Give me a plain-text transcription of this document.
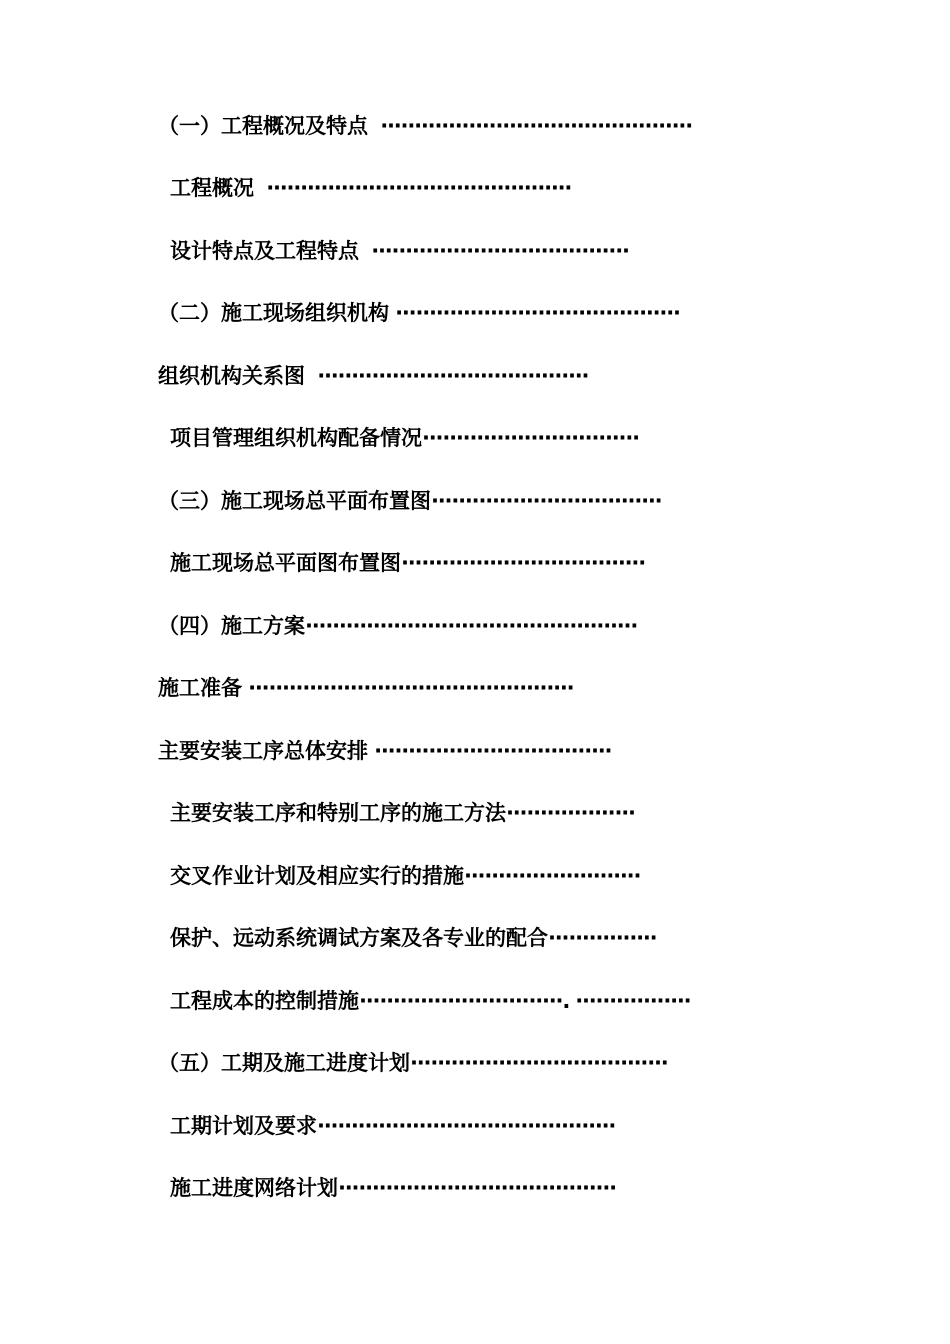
（一）工程概况及特点  ··············································
工程概况  ·············································
设计特点及工程特点  ······································
（二）施工现场组织机构 ··········································
组织机构关系图  ········································
项目管理组织机构配备情况································
（三）施工现场总平面布置图··································
施工现场总平面图布置图····································
（四）施工方案·················································
施工准备 ················································
主要安装工序总体安排 ···································
主要安装工序和特别工序的施工方法···················
交叉作业计划及相应实行的措施··························
保护、远动系统调试方案及各专业的配合················
工程成本的控制措施······························. ·················
（五）工期及施工进度计划······································
工期计划及要求············································
施工进度网络计划·········································
